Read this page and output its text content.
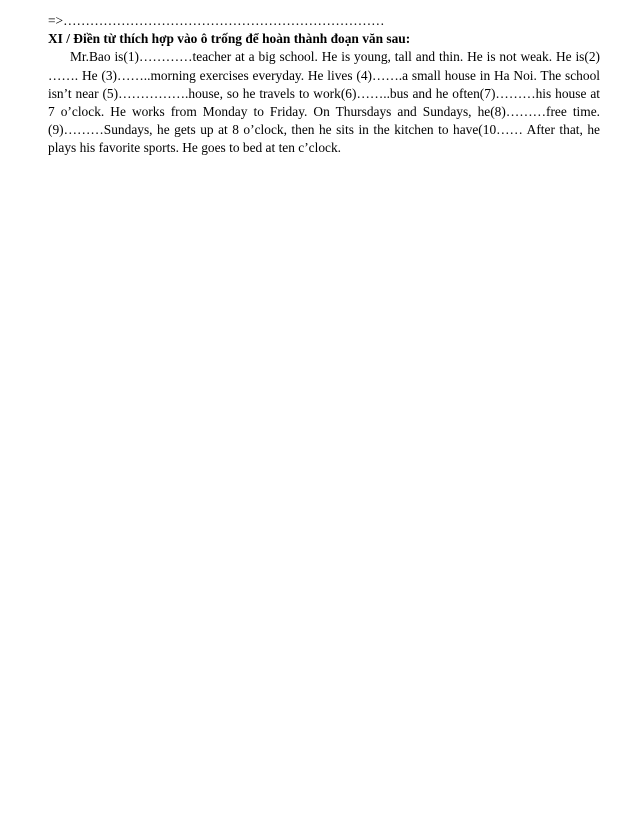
=>………………………………………………………………

XI / Điền từ thích hợp vào ô trống để hoàn thành đoạn văn sau:

Mr.Bao is(1)…………teacher at a big school. He is young, tall and thin. He is not weak. He is(2) ……. He (3)……..morning exercises everyday. He lives (4)…….a small house in Ha Noi. The school isn’t near (5)…………….house, so he travels to work(6)……..bus and he often(7)………his house at 7 o’clock. He works from Monday to Friday. On Thursdays and Sundays, he(8)………free time.(9)………Sundays, he gets up at 8 o’clock, then he sits in the kitchen to have(10…… After that, he plays his favorite sports. He goes to bed at ten c’clock.
